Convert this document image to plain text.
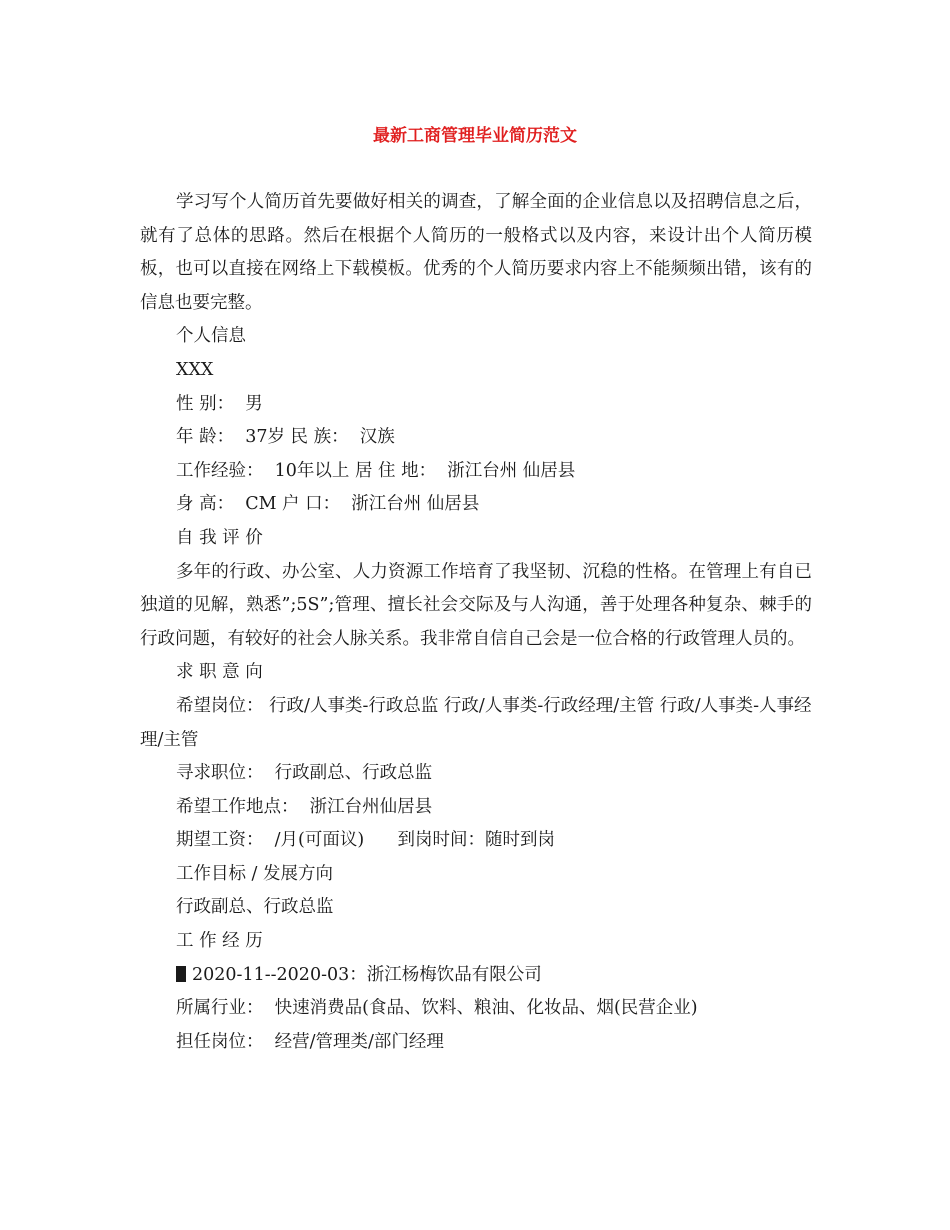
最新工商管理毕业简历范文

学习写个人简历首先要做好相关的调查，了解全面的企业信息以及招聘信息之后，就有了总体的思路。然后在根据个人简历的一般格式以及内容，来设计出个人简历模板，也可以直接在网络上下载模板。优秀的个人简历要求内容上不能频频出错，该有的信息也要完整。

个人信息

XXX

性 别：  男

年 龄：  37岁 民 族：  汉族

工作经验：  10年以上 居 住 地：  浙江台州 仙居县

身 高：  CM 户 口：  浙江台州 仙居县

自 我 评 价

多年的行政、办公室、人力资源工作培育了我坚韧、沉稳的性格。在管理上有自已独道的见解，熟悉”;5S”;管理、擅长社会交际及与人沟通，善于处理各种复杂、棘手的行政问题，有较好的社会人脉关系。我非常自信自己会是一位合格的行政管理人员的。

求 职 意 向

希望岗位： 行政/人事类-行政总监 行政/人事类-行政经理/主管 行政/人事类-人事经理/主管

寻求职位：  行政副总、行政总监

希望工作地点：  浙江台州仙居县

期望工资：  /月(可面议)      到岗时间：随时到岗

工作目标 / 发展方向

行政副总、行政总监

工 作 经 历

2020-11--2020-03：浙江杨梅饮品有限公司

所属行业：  快速消费品(食品、饮料、粮油、化妆品、烟(民营企业)

担任岗位：  经营/管理类/部门经理
